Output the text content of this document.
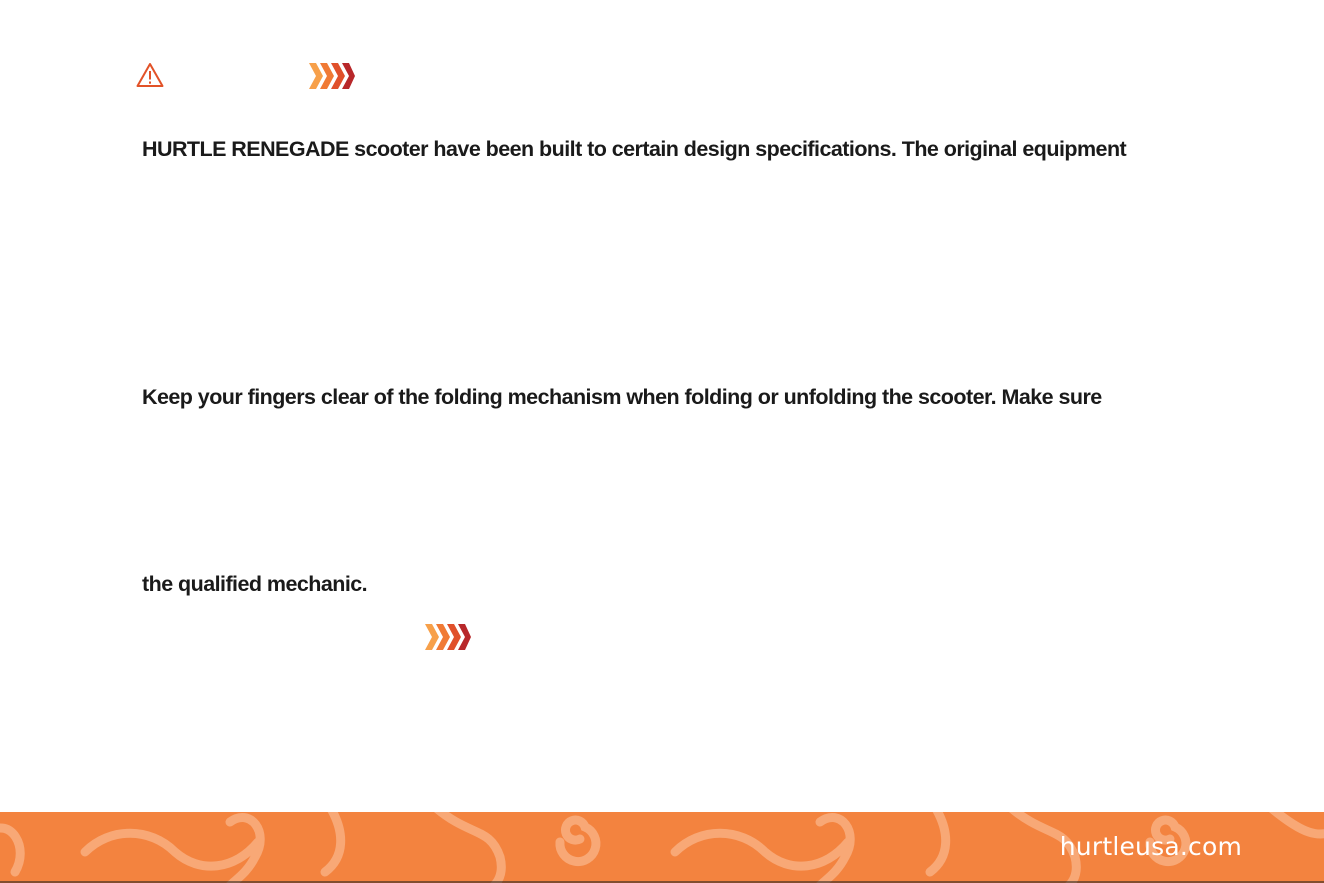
HURTLE RENEGADE scooter have been built to certain design specifications. The original equipment

Keep your fingers clear of the folding mechanism when folding or unfolding the scooter. Make sure

the qualified mechanic.

hurtleusa.com
